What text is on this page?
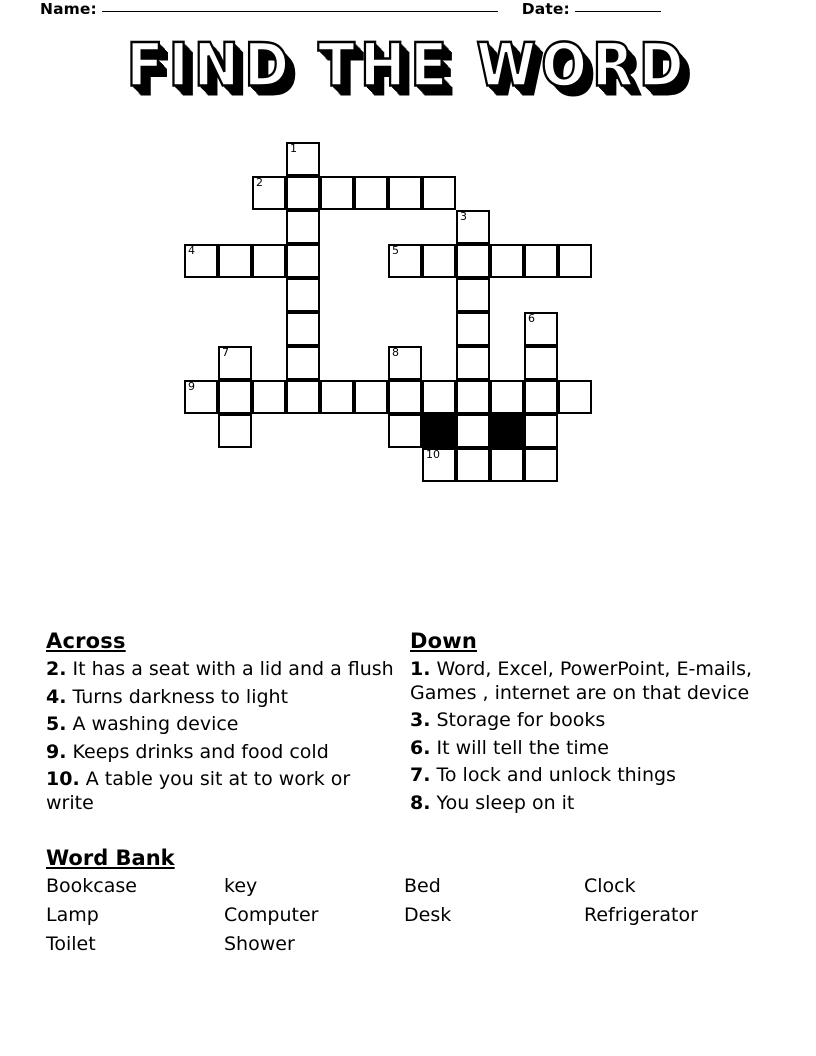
Name:	Date:
FIND THE WORD
1
2
3
4	5
6
7	8
9
10
Across
2. It has a seat with a lid and a flush
4. Turns darkness to light
5. A washing device
9. Keeps drinks and food cold
10. A table you sit at to work or write
Down
1. Word, Excel, PowerPoint, E-mails, Games , internet are on that device
3. Storage for books
6. It will tell the time
7. To lock and unlock things
8. You sleep on it
Word Bank
Bookcase	key	Bed	Clock
Lamp	Computer	Desk	Refrigerator
Toilet	Shower
